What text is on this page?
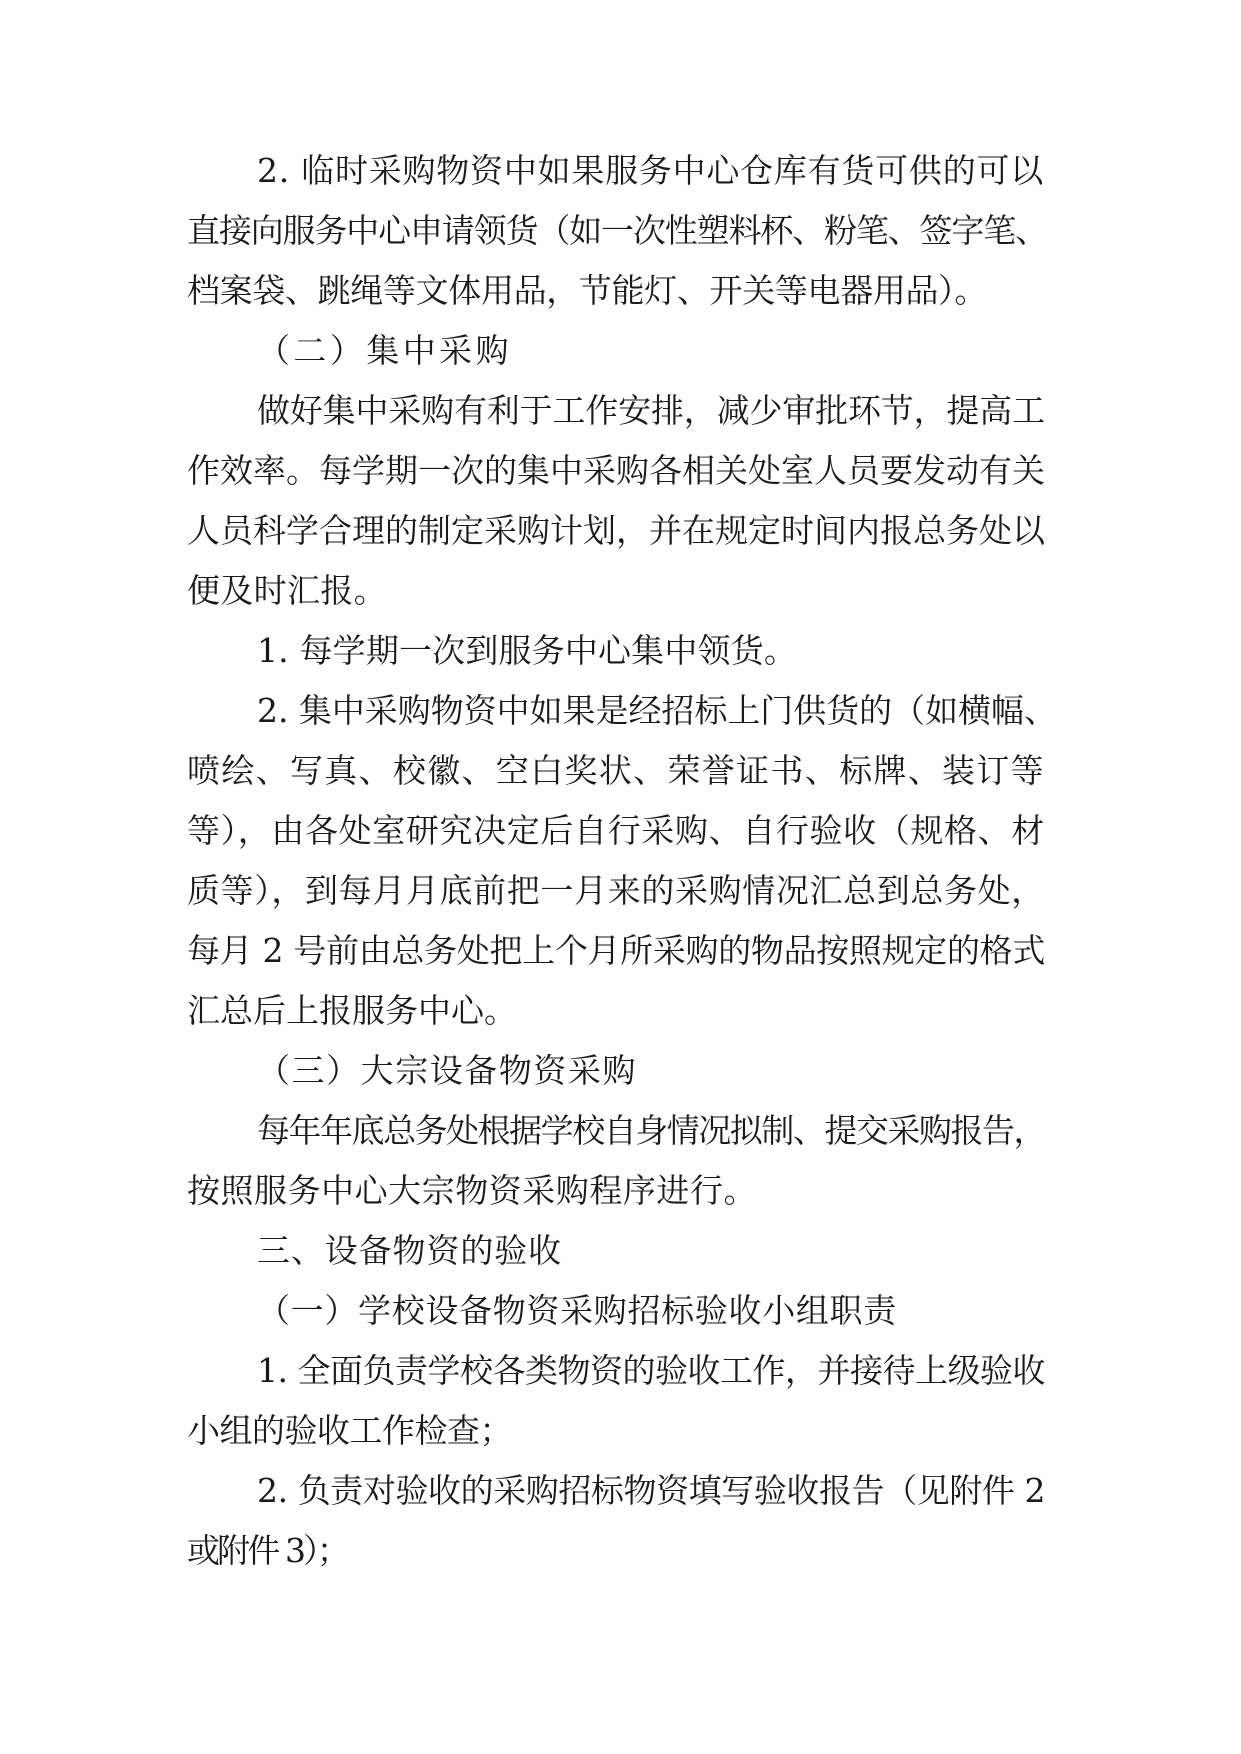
2. 临时采购物资中如果服务中心仓库有货可供的可以
直接向服务中心申请领货（如一次性塑料杯、粉笔、签字笔、
档案袋、跳绳等文体用品，节能灯、开关等电器用品）。
（二）集中采购
做好集中采购有利于工作安排，减少审批环节，提高工
作效率。每学期一次的集中采购各相关处室人员要发动有关
人员科学合理的制定采购计划，并在规定时间内报总务处以
便及时汇报。
1. 每学期一次到服务中心集中领货。
2. 集中采购物资中如果是经招标上门供货的（如横幅、
喷绘、写真、校徽、空白奖状、荣誉证书、标牌、装订等
等），由各处室研究决定后自行采购、自行验收（规格、材
质等），到每月月底前把一月来的采购情况汇总到总务处，
每月 2 号前由总务处把上个月所采购的物品按照规定的格式
汇总后上报服务中心。
（三）大宗设备物资采购
每年年底总务处根据学校自身情况拟制、提交采购报告，
按照服务中心大宗物资采购程序进行。
三、设备物资的验收
（一）学校设备物资采购招标验收小组职责
1. 全面负责学校各类物资的验收工作，并接待上级验收
小组的验收工作检查；
2. 负责对验收的采购招标物资填写验收报告（见附件 2
或附件 3）；
